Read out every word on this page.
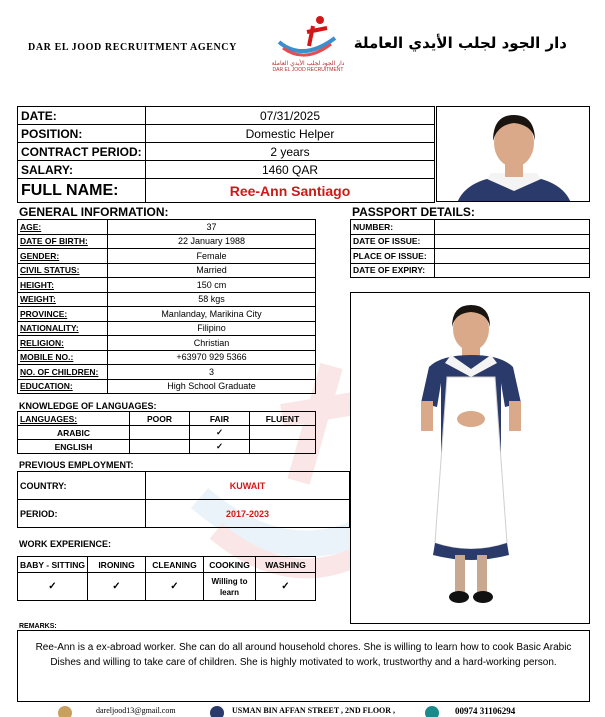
DAR EL JOOD RECRUITMENT AGENCY
دار الجود لجلب الأيدي العاملة
DAR EL JOOD RECRUITMENT
دار الجود لجلب الأيدي العاملة
DATE:	07/31/2025
POSITION:	Domestic Helper
CONTRACT PERIOD:	2 years
SALARY:	1460 QAR
FULL NAME:	Ree-Ann Santiago
GENERAL INFORMATION:
AGE:	37
DATE OF BIRTH:	22 January 1988
GENDER:	Female
CIVIL STATUS:	Married
HEIGHT:	150 cm
WEIGHT:	58 kgs
PROVINCE:	Manlanday, Marikina City
NATIONALITY:	Filipino
RELIGION:	Christian
MOBILE NO.:	+63970 929 5366
NO. OF CHILDREN:	3
EDUCATION:	High School Graduate
PASSPORT DETAILS:
NUMBER:	
DATE OF ISSUE:	
PLACE OF ISSUE:	
DATE OF EXPIRY:	
KNOWLEDGE OF LANGUAGES:
LANGUAGES:	POOR	FAIR	FLUENT
ARABIC		✓	
ENGLISH		✓	
PREVIOUS EMPLOYMENT:
COUNTRY:	KUWAIT
PERIOD:	2017-2023
WORK EXPERIENCE:
BABY - SITTING	IRONING	CLEANING	COOKING	WASHING
✓	✓	✓	Willing to learn	✓
REMARKS:
Ree-Ann is a ex-abroad worker. She can do all around household chores. She is willing to learn how to cook Basic Arabic Dishes and willing to take care of children. She is highly motivated to work, trustworthy and a hard-working person.
dareljood13@gmail.com	USMAN BIN AFFAN STREET , 2ND FLOOR ,	00974 31106294
